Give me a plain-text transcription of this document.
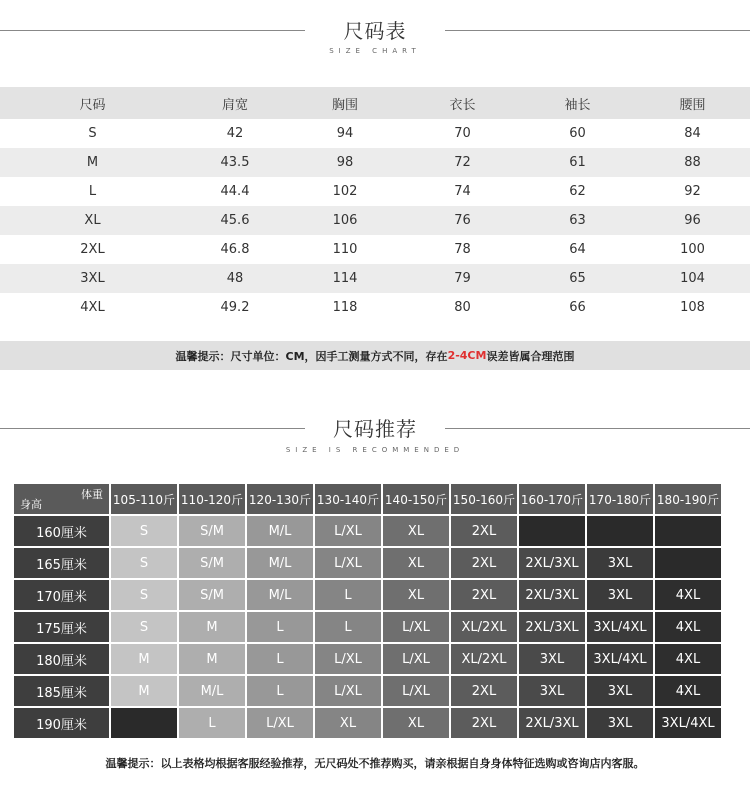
尺码表
SIZE CHART
尺码	肩宽	胸围	衣长	袖长	腰围
S	42	94	70	60	84
M	43.5	98	72	61	88
L	44.4	102	74	62	92
XL	45.6	106	76	63	96
2XL	46.8	110	78	64	100
3XL	48	114	79	65	104
4XL	49.2	118	80	66	108
温馨提示：尺寸单位：CM，因手工测量方式不同，存在 2-4CM 误差皆属合理范围
尺码推荐
SIZE IS RECOMMENDED
体重
身高	105-110斤	110-120斤	120-130斤	130-140斤	140-150斤	150-160斤	160-170斤	170-180斤	180-190斤
160厘米	S	S/M	M/L	L/XL	XL	2XL			
165厘米	S	S/M	M/L	L/XL	XL	2XL	2XL/3XL	3XL	
170厘米	S	S/M	M/L	L	XL	2XL	2XL/3XL	3XL	4XL
175厘米	S	M	L	L	L/XL	XL/2XL	2XL/3XL	3XL/4XL	4XL
180厘米	M	M	L	L/XL	L/XL	XL/2XL	3XL	3XL/4XL	4XL
185厘米	M	M/L	L	L/XL	L/XL	2XL	3XL	3XL	4XL
190厘米		L	L/XL	XL	XL	2XL	2XL/3XL	3XL	3XL/4XL
温馨提示：以上表格均根据客服经验推荐，无尺码处不推荐购买，请亲根据自身身体特征选购或咨询店内客服。
